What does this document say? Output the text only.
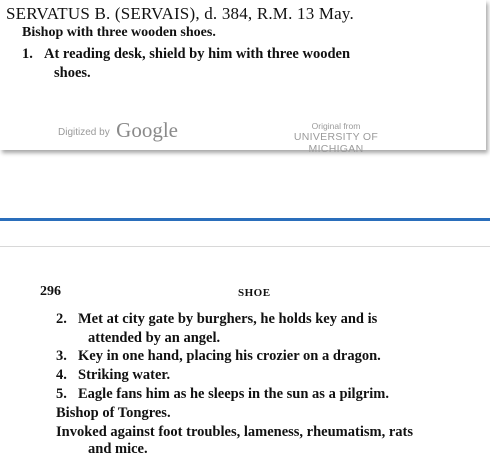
SERVATUS B. (SERVAIS), d. 384, R.M. 13 May.
Bishop with three wooden shoes.
1. At reading desk, shield by him with three wooden
shoes.
Digitized by Google	Original from
UNIVERSITY OF MICHIGAN
296	SHOE
2. Met at city gate by burghers, he holds key and is
attended by an angel.
3. Key in one hand, placing his crozier on a dragon.
4. Striking water.
5. Eagle fans him as he sleeps in the sun as a pilgrim.
Bishop of Tongres.
Invoked against foot troubles, lameness, rheumatism, rats
and mice.
